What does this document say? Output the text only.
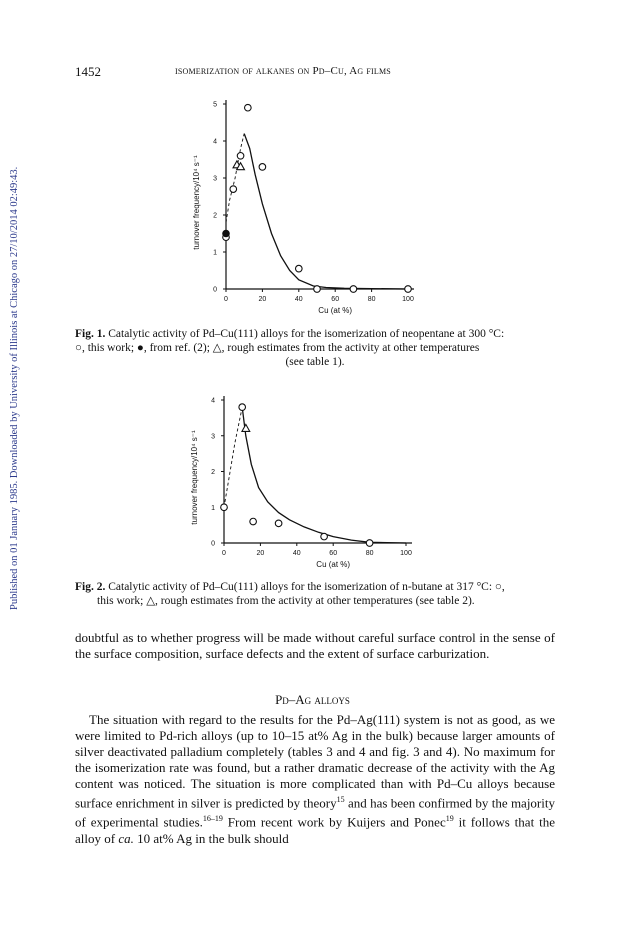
Published on 01 January 1985. Downloaded by University of Illinois at Chicago on 27/10/2014 02:49:43.
1452	isomerization of alkanes on Pd–Cu, Ag films
0	20	40	60	80	100
0
1
2
3
4
5
Cu (at %)
turnover frequency/10⁴ s⁻¹
Fig. 1. Catalytic activity of Pd–Cu(111) alloys for the isomerization of neopentane at 300 °C:
○, this work; ●, from ref. (2); △, rough estimates from the activity at other temperatures
(see table 1).
0	20	40	60	80	100
0
1
2
3
4
Cu (at %)
turnover frequency/10⁴ s⁻¹
Fig. 2. Catalytic activity of Pd–Cu(111) alloys for the isomerization of n-butane at 317 °C: ○,
this work; △, rough estimates from the activity at other temperatures (see table 2).
doubtful as to whether progress will be made without careful surface control in the sense of the surface composition, surface defects and the extent of surface carburization.
Pd–Ag alloys
The situation with regard to the results for the Pd–Ag(111) system is not as good, as we were limited to Pd-rich alloys (up to 10–15 at% Ag in the bulk) because larger amounts of silver deactivated palladium completely (tables 3 and 4 and fig. 3 and 4). No maximum for the isomerization rate was found, but a rather dramatic decrease of the activity with the Ag content was noticed. The situation is more complicated than with Pd–Cu alloys because surface enrichment in silver is predicted by theory$^{15}$ and has been confirmed by the majority of experimental studies.$^{16-19}$ From recent work by Kuijers and Ponec$^{19}$ it follows that the alloy of ca. 10 at% Ag in the bulk should
